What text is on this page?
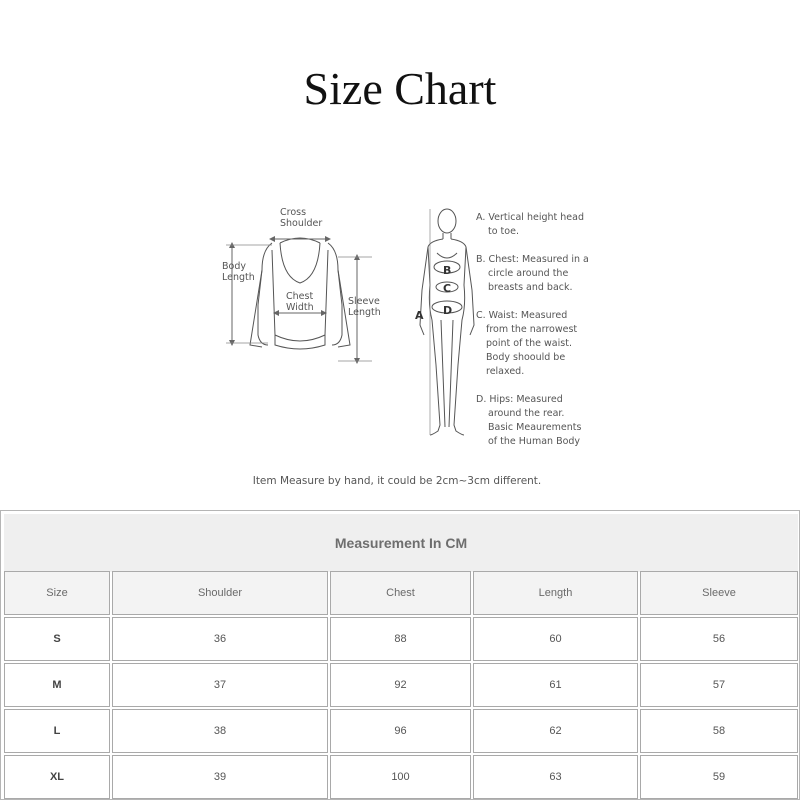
Size Chart
Cross
Shoulder
Body
Length
Chest
Width
Sleeve
Length	A
B
C
D
A. Vertical height head
to toe.
B. Chest: Measured in a
circle around the
breasts and back.
C. Waist: Measured
from the narrowest
point of the waist.
Body shoould be
relaxed.
D. Hips: Measured
around the rear.
Basic Meaurements
of the Human Body
Item Measure by hand, it could be 2cm~3cm different.
Measurement In CM
Size	Shoulder	Chest	Length	Sleeve
S	36	88	60	56
M	37	92	61	57
L	38	96	62	58
XL	39	100	63	59
